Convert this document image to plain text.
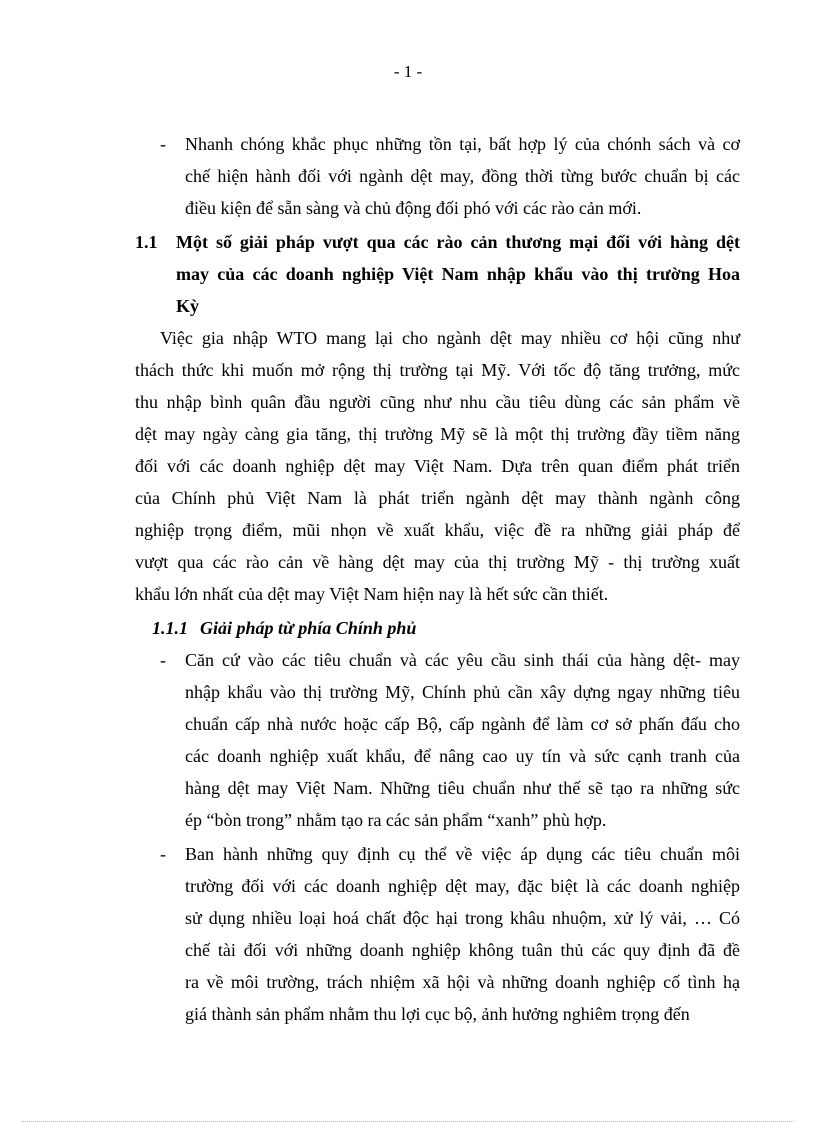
- 1 -
- Nhanh chóng khắc phục những tồn tại, bất hợp lý của chónh sách và cơ
chế hiện hành đối với ngành dệt may, đồng thời từng bước chuẩn bị các
điều kiện để sẵn sàng và chủ động đối phó với các rào cản mới.
1.1 Một số giải pháp vượt qua các rào cản thương mại đối với hàng dệt
may của các doanh nghiệp Việt Nam nhập khẩu vào thị trường Hoa
Kỳ
Việc gia nhập WTO mang lại cho ngành dệt may nhiều cơ hội cũng như
thách thức khi muốn mở rộng thị trường tại Mỹ. Với tốc độ tăng trưởng, mức
thu nhập bình quân đầu người cũng như nhu cầu tiêu dùng các sản phẩm về
dệt may ngày càng gia tăng, thị trường Mỹ sẽ là một thị trường đầy tiềm năng
đối với các doanh nghiệp dệt may Việt Nam. Dựa trên quan điểm phát triển
của Chính phủ Việt Nam là phát triển ngành dệt may thành ngành công
nghiệp trọng điểm, mũi nhọn về xuất khẩu, việc đề ra những giải pháp để
vượt qua các rào cản về hàng dệt may của thị trường Mỹ - thị trường xuất
khẩu lớn nhất của dệt may Việt Nam hiện nay là hết sức cần thiết.
1.1.1 Giải pháp từ phía Chính phủ
- Căn cứ vào các tiêu chuẩn và các yêu cầu sinh thái của hàng dệt- may
nhập khẩu vào thị trường Mỹ, Chính phủ cần xây dựng ngay những tiêu
chuẩn cấp nhà nước hoặc cấp Bộ, cấp ngành để làm cơ sở phấn đấu cho
các doanh nghiệp xuất khẩu, để nâng cao uy tín và sức cạnh tranh của
hàng dệt may Việt Nam. Những tiêu chuẩn như thế sẽ tạo ra những sức
ép “bòn trong” nhằm tạo ra các sản phẩm “xanh” phù hợp.
- Ban hành những quy định cụ thể về việc áp dụng các tiêu chuẩn môi
trường đối với các doanh nghiệp dệt may, đặc biệt là các doanh nghiệp
sử dụng nhiều loại hoá chất độc hại trong khâu nhuộm, xử lý vải, … Có
chế tài đối với những doanh nghiệp không tuân thủ các quy định đã đề
ra về môi trường, trách nhiệm xã hội và những doanh nghiệp cố tình hạ
giá thành sản phẩm nhằm thu lợi cục bộ, ảnh hưởng nghiêm trọng đến
